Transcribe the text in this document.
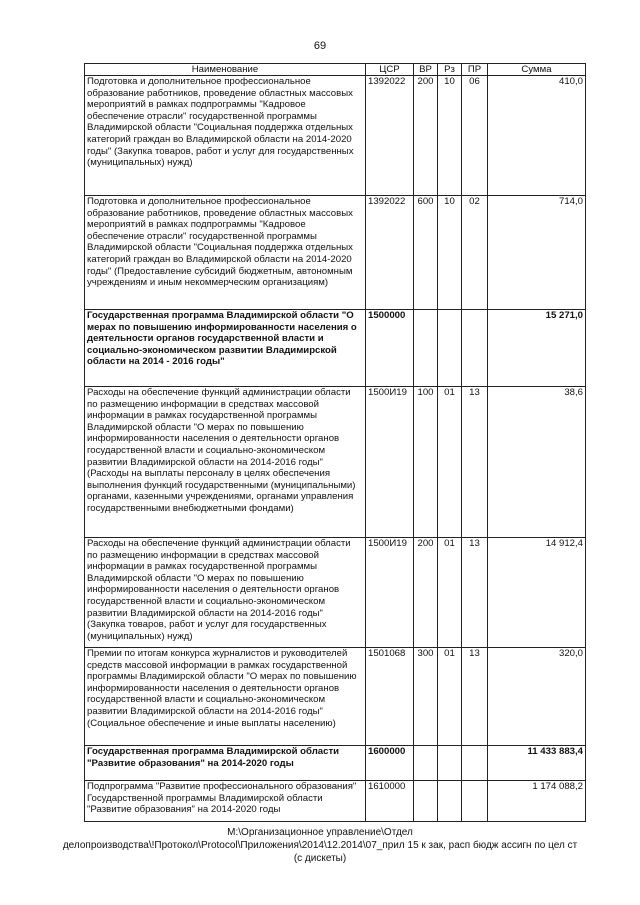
69
Наименование	ЦСР	ВР	Рз	ПР	Сумма
Подготовка и дополнительное профессиональное образование работников, проведение областных массовых мероприятий в рамках подпрограммы "Кадровое обеспечение отрасли" государственной программы Владимирской области "Социальная поддержка отдельных категорий граждан во Владимирской области на 2014-2020 годы" (Закупка товаров, работ и услуг для государственных (муниципальных) нужд)	1392022	200	10	06	410,0
Подготовка и дополнительное профессиональное образование работников, проведение областных массовых мероприятий в рамках подпрограммы "Кадровое обеспечение отрасли" государственной программы Владимирской области "Социальная поддержка отдельных категорий граждан во Владимирской области на 2014-2020 годы" (Предоставление субсидий бюджетным, автономным учреждениям и иным некоммерческим организациям)	1392022	600	10	02	714,0
Государственная программа Владимирской области "О мерах по повышению информированности населения о деятельности органов государственной власти и социально-экономическом развитии Владимирской области на 2014 - 2016 годы"	1500000				15 271,0
Расходы на обеспечение функций администрации области по размещению информации в средствах массовой информации в рамках государственной программы Владимирской области "О мерах по повышению информированности населения о деятельности органов государственной власти и социально-экономическом развитии Владимирской области на 2014-2016 годы" (Расходы на выплаты персоналу в целях обеспечения выполнения функций государственными (муниципальными) органами, казенными учреждениями, органами управления государственными внебюджетными фондами)	1500И19	100	01	13	38,6
Расходы на обеспечение функций администрации области по размещению информации в средствах массовой информации в рамках государственной программы Владимирской области "О мерах по повышению информированности населения о деятельности органов государственной власти и социально-экономическом развитии Владимирской области на 2014-2016 годы" (Закупка товаров, работ и услуг для государственных (муниципальных) нужд)	1500И19	200	01	13	14 912,4
Премии по итогам конкурса журналистов и руководителей средств массовой информации в рамках государственной программы Владимирской области "О мерах по повышению информированности населения о деятельности органов государственной власти и социально-экономическом развитии Владимирской области на 2014-2016 годы" (Социальное обеспечение и иные выплаты населению)	1501068	300	01	13	320,0
Государственная программа Владимирской области "Развитие образования" на 2014-2020 годы	1600000				11 433 883,4
Подпрограмма "Развитие профессионального образования" Государственной программы Владимирской области "Развитие образования" на 2014-2020 годы	1610000				1 174 088,2
М:\Организационное управление\Отдел
делопроизводства\!Протокол\Protocol\Приложения\2014\12.2014\07_прил 15 к зак, расп бюдж ассигн по цел ст
(с дискеты)
